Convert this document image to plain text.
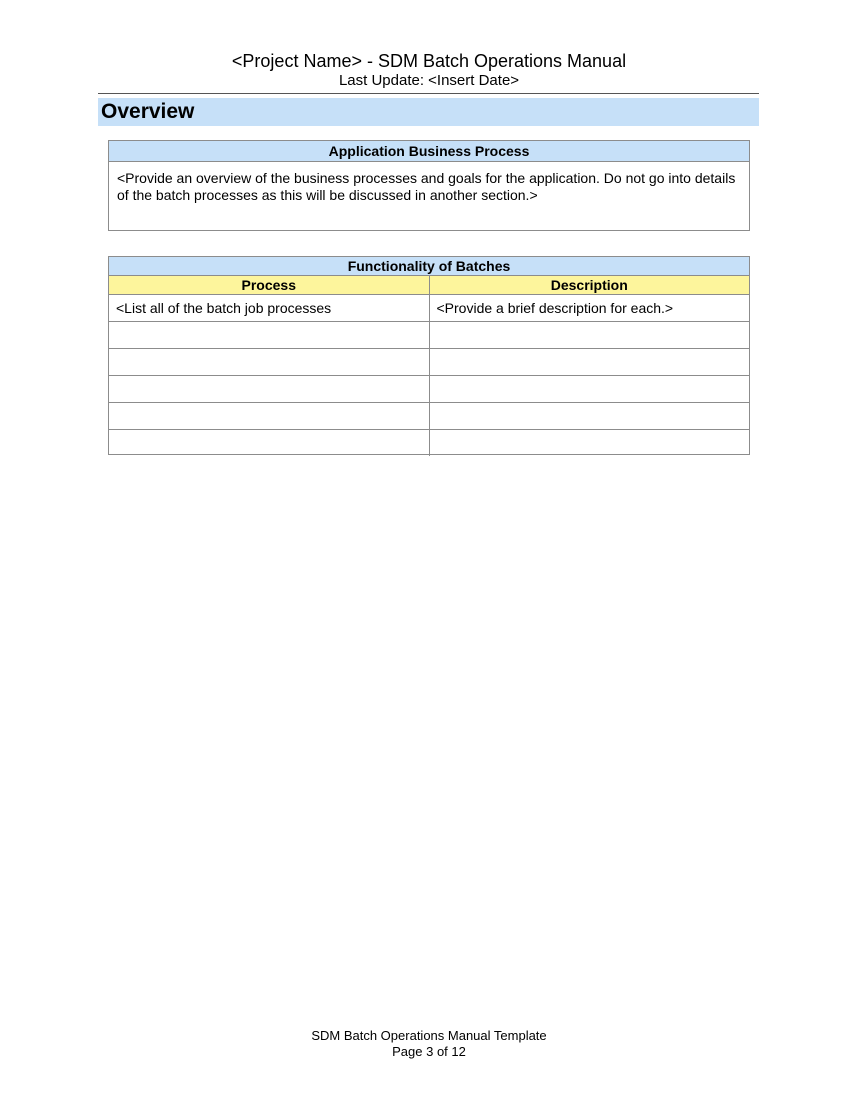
<Project Name> - SDM Batch Operations Manual
Last Update: <Insert Date>
Overview
Application Business Process
<Provide an overview of the business processes and goals for the application. Do not go into details of the batch processes as this will be discussed in another section.>
Functionality of Batches	
Process	Description
<List all of the batch job processes	<Provide a brief description for each.>

SDM Batch Operations Manual Template
Page 3 of 12
